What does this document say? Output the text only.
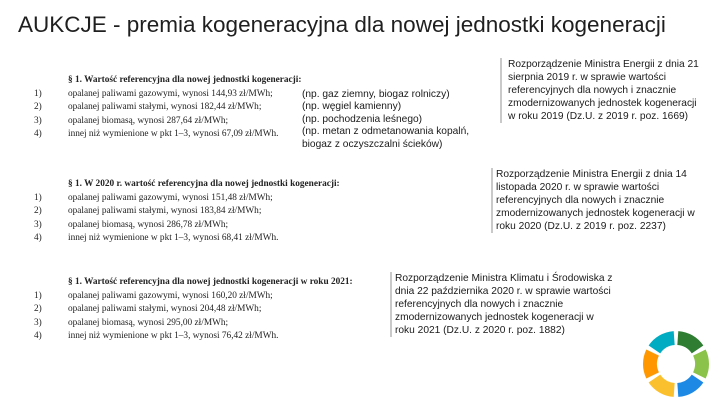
AUKCJE - premia kogeneracyjna dla nowej jednostki kogeneracji
§ 1. Wartość referencyjna dla nowej jednostki kogeneracji:
1)	opalanej paliwami gazowymi, wynosi 144,93 zł/MWh;
2)	opalanej paliwami stałymi, wynosi 182,44 zł/MWh;
3)	opalanej biomasą, wynosi 287,64 zł/MWh;
4)	innej niż wymienione w pkt 1–3, wynosi 67,09 zł/MWh.
(np. gaz ziemny, biogaz rolniczy)
(np. węgiel kamienny)
(np. pochodzenia leśnego)
(np. metan z odmetanowania kopalń,
biogaz z oczyszczalni ścieków)
Rozporządzenie Ministra Energii z dnia 21 sierpnia 2019 r. w sprawie wartości referencyjnych dla nowych i znacznie zmodernizowanych jednostek kogeneracji w roku 2019 (Dz.U. z 2019 r. poz. 1669)
§ 1. W 2020 r. wartość referencyjna dla nowej jednostki kogeneracji:
1)	opalanej paliwami gazowymi, wynosi 151,48 zł/MWh;
2)	opalanej paliwami stałymi, wynosi 183,84 zł/MWh;
3)	opalanej biomasą, wynosi 286,78 zł/MWh;
4)	innej niż wymienione w pkt 1–3, wynosi 68,41 zł/MWh.
Rozporządzenie Ministra Energii z dnia 14 listopada 2020 r. w sprawie wartości referencyjnych dla nowych i znacznie zmodernizowanych jednostek kogeneracji w roku 2020 (Dz.U. z 2019 r. poz. 2237)
§ 1. Wartość referencyjna dla nowej jednostki kogeneracji w roku 2021:
1)	opalanej paliwami gazowymi, wynosi 160,20 zł/MWh;
2)	opalanej paliwami stałymi, wynosi 204,48 zł/MWh;
3)	opalanej biomasą, wynosi 295,00 zł/MWh;
4)	innej niż wymienione w pkt 1–3, wynosi 76,42 zł/MWh.
Rozporządzenie Ministra Klimatu i Środowiska z dnia 22 października 2020 r. w sprawie wartości referencyjnych dla nowych i znacznie zmodernizowanych jednostek kogeneracji w roku 2021 (Dz.U. z 2020 r. poz. 1882)
